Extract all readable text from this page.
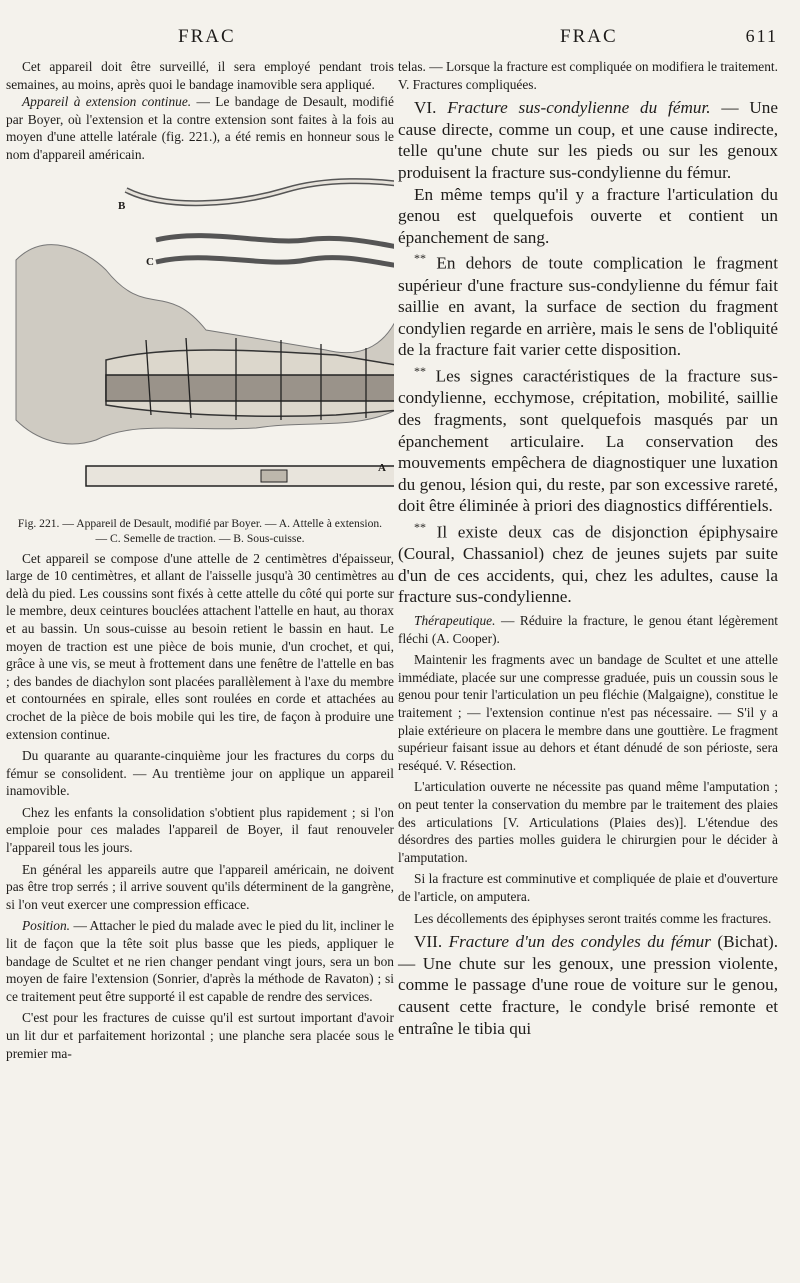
FRAC	FRAC	611

Cet appareil doit être surveillé, il sera employé pendant trois semaines, au moins, après quoi le bandage inamovible sera appliqué.

Appareil à extension continue. — Le bandage de Desault, modifié par Boyer, où l'extension et la contre extension sont faites à la fois au moyen d'une attelle latérale (fig. 221.), a été remis en honneur sous le nom d'appareil américain.

B
C
A
Fig. 221. — Appareil de Desault, modifié par Boyer. — A. Attelle à extension.
— C. Semelle de traction. — B. Sous-cuisse.

Cet appareil se compose d'une attelle de 2 centimètres d'épaisseur, large de 10 centimètres, et allant de l'aisselle jusqu'à 30 centimètres au delà du pied. Les coussins sont fixés à cette attelle du côté qui porte sur le membre, deux ceintures bouclées attachent l'attelle en haut, au thorax et au bassin. Un sous-cuisse au besoin retient le bassin en haut. Le moyen de traction est une pièce de bois munie, d'un crochet, et qui, grâce à une vis, se meut à frottement dans une fenêtre de l'attelle en bas ; des bandes de diachylon sont placées parallèlement à l'axe du membre et contournées en spirale, elles sont roulées en corde et attachées au crochet de la pièce de bois mobile qui les tire, de façon à produire une extension continue.

Du quarante au quarante-cinquième jour les fractures du corps du fémur se consolident. — Au trentième jour on applique un appareil inamovible.

Chez les enfants la consolidation s'obtient plus rapidement ; si l'on emploie pour ces malades l'appareil de Boyer, il faut renouveler l'appareil tous les jours.

En général les appareils autre que l'appareil américain, ne doivent pas être trop serrés ; il arrive souvent qu'ils déterminent de la gangrène, si l'on veut exercer une compression efficace.

Position. — Attacher le pied du malade avec le pied du lit, incliner le lit de façon que la tête soit plus basse que les pieds, appliquer le bandage de Scultet et ne rien changer pendant vingt jours, sera un bon moyen de faire l'extension (Sonrier, d'après la méthode de Ravaton) ; si ce traitement peut être supporté il est capable de rendre des services.

C'est pour les fractures de cuisse qu'il est surtout important d'avoir un lit dur et parfaitement horizontal ; une planche sera placée sous le premier ma-

telas. — Lorsque la fracture est compliquée on modifiera le traitement. V. Fractures compliquées.

VI. Fracture sus-condylienne du fémur. — Une cause directe, comme un coup, et une cause indirecte, telle qu'une chute sur les pieds ou sur les genoux produisent la fracture sus-condylienne du fémur.

En même temps qu'il y a fracture l'articulation du genou est quelquefois ouverte et contient un épanchement de sang.

** En dehors de toute complication le fragment supérieur d'une fracture sus-condylienne du fémur fait saillie en avant, la surface de section du fragment condylien regarde en arrière, mais le sens de l'obliquité de la fracture fait varier cette disposition.

** Les signes caractéristiques de la fracture sus-condylienne, ecchymose, crépitation, mobilité, saillie des fragments, sont quelquefois masqués par un épanchement articulaire. La conservation des mouvements empêchera de diagnostiquer une luxation du genou, lésion qui, du reste, par son excessive rareté, doit être éliminée à priori des diagnostics différentiels.

** Il existe deux cas de disjonction épiphysaire (Coural, Chassaniol) chez de jeunes sujets par suite d'un de ces accidents, qui, chez les adultes, cause la fracture sus-condylienne.

Thérapeutique. — Réduire la fracture, le genou étant légèrement fléchi (A. Cooper).

Maintenir les fragments avec un bandage de Scultet et une attelle immédiate, placée sur une compresse graduée, puis un coussin sous le genou pour tenir l'articulation un peu fléchie (Malgaigne), constitue le traitement ; — l'extension continue n'est pas nécessaire. — S'il y a plaie extérieure on placera le membre dans une gouttière. Le fragment supérieur faisant issue au dehors et étant dénudé de son périoste, sera reséqué. V. Résection.

L'articulation ouverte ne nécessite pas quand même l'amputation ; on peut tenter la conservation du membre par le traitement des plaies des articulations [V. Articulations (Plaies des)]. L'étendue des désordres des parties molles guidera le chirurgien pour le décider à l'amputation.

Si la fracture est comminutive et compliquée de plaie et d'ouverture de l'article, on amputera.

Les décollements des épiphyses seront traités comme les fractures.

VII. Fracture d'un des condyles du fémur (Bichat). — Une chute sur les genoux, une pression violente, comme le passage d'une roue de voiture sur le genou, causent cette fracture, le condyle brisé remonte et entraîne le tibia qui
